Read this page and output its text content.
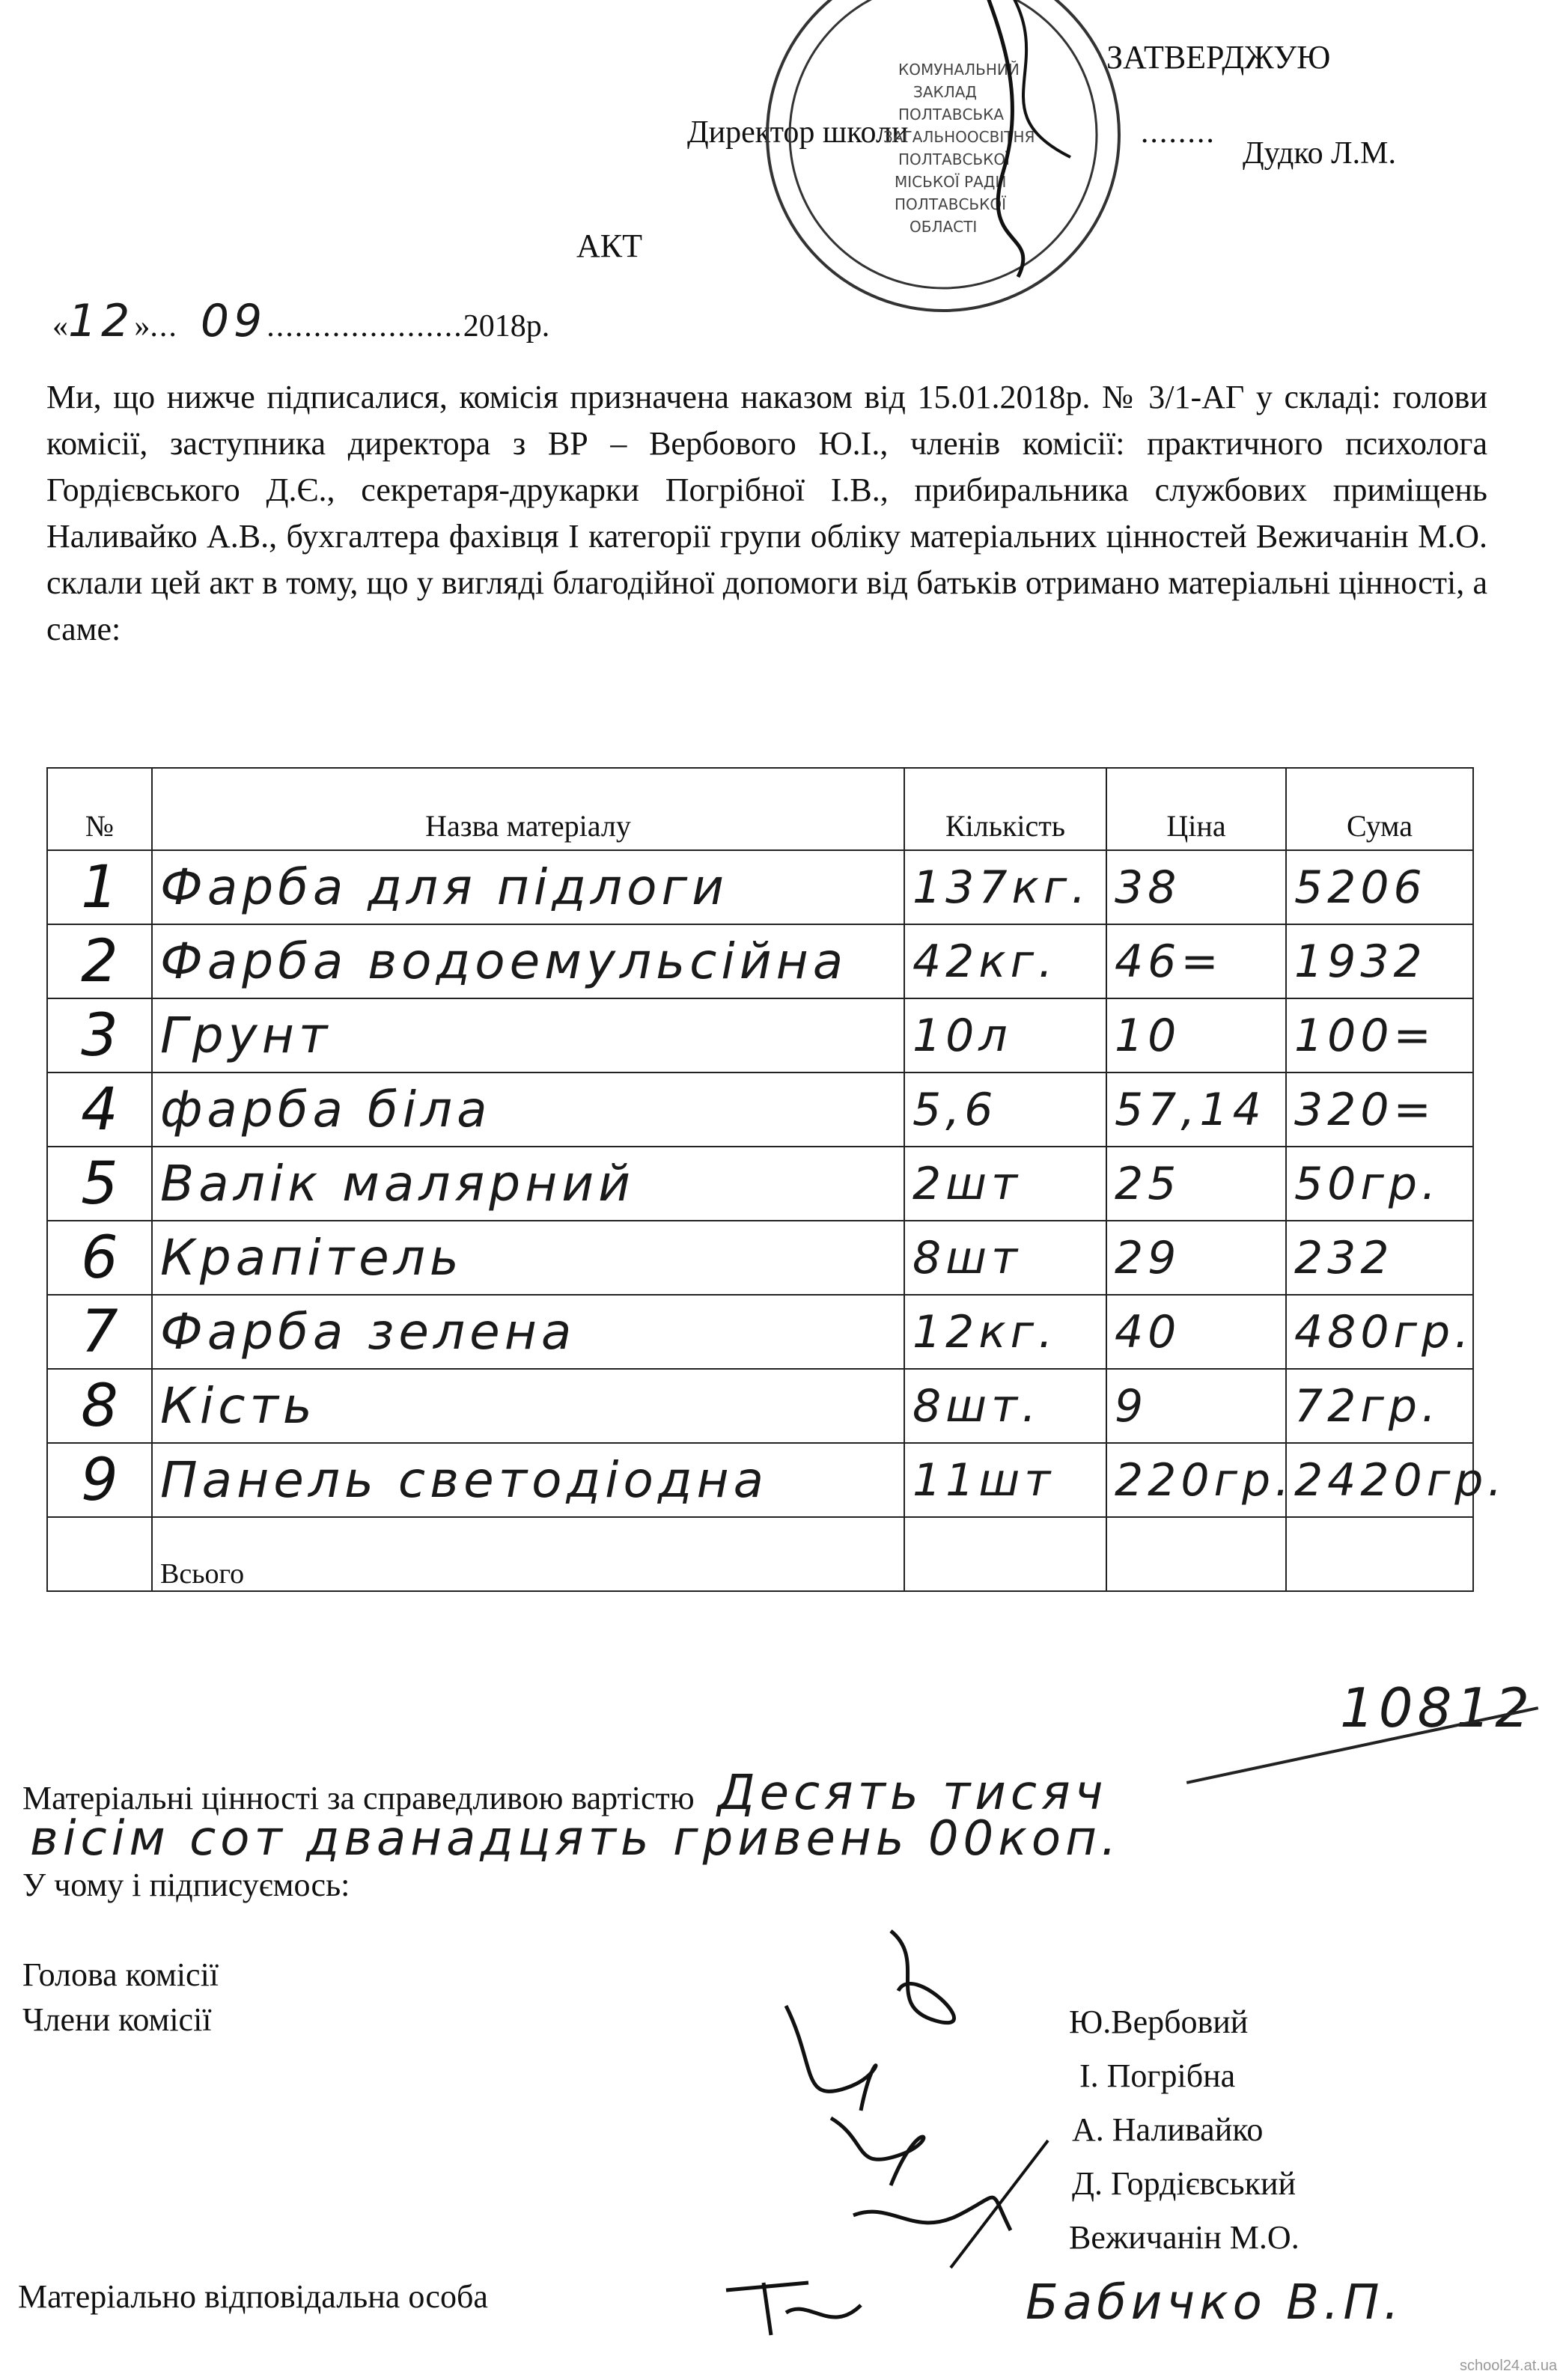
ЗАТВЕРДЖУЮ
Директор школи	........
Дудко Л.М.
КОМУНАЛЬНИЙ
ЗАКЛАД
ПОЛТАВСЬКА
ЗАГАЛЬНООСВІТНЯ
ПОЛТАВСЬКОЇ
МІСЬКОЇ РАДИ
ПОЛТАВСЬКОЇ
ОБЛАСТІ
АКТ
«12»... 09.....................2018р.
Ми, що нижче підписалися, комісія призначена наказом від 15.01.2018р. № 3/1-АГ у складі: голови комісії, заступника директора з ВР – Вербового Ю.І., членів комісії: практичного психолога Гордієвського Д.Є., секретаря-друкарки Погрібної І.В., прибиральника службових приміщень Наливайко А.В., бухгалтера фахівця І категорії групи обліку матеріальних цінностей Вежичанін М.О. склали цей акт в тому, що у вигляді благодійної допомоги від батьків отримано матеріальні цінності, а саме:
№	Назва матеріалу	Кількість	Ціна	Сума
1	Фарба для підлоги	137кг.	38	5206
2	Фарба водоемульсійна	42кг.	46=	1932
3	Грунт	10л	10	100=
4	фарба біла	5,6	57,14	320=
5	Валік малярний	2шт	25	50гр.
6	Крапітель	8шт	29	232
7	Фарба зелена	12кг.	40	480гр.
8	Кість	8шт.	9	72гр.
9	Панель светодіодна	11шт	220гр.	2420гр.
	Всього			
10812
Матеріальні цінності за справедливою вартістю Десять тисяч
вісім сот дванадцять гривень 00коп.
У чому і підписуємось:
Голова комісії
Члени комісії	Ю.Вербовий
І. Погрібна
А. Наливайко
Д. Гордієвський
Вежичанін М.О.
Матеріально відповідальна особа	Бабичко В.П.
school24.at.ua
